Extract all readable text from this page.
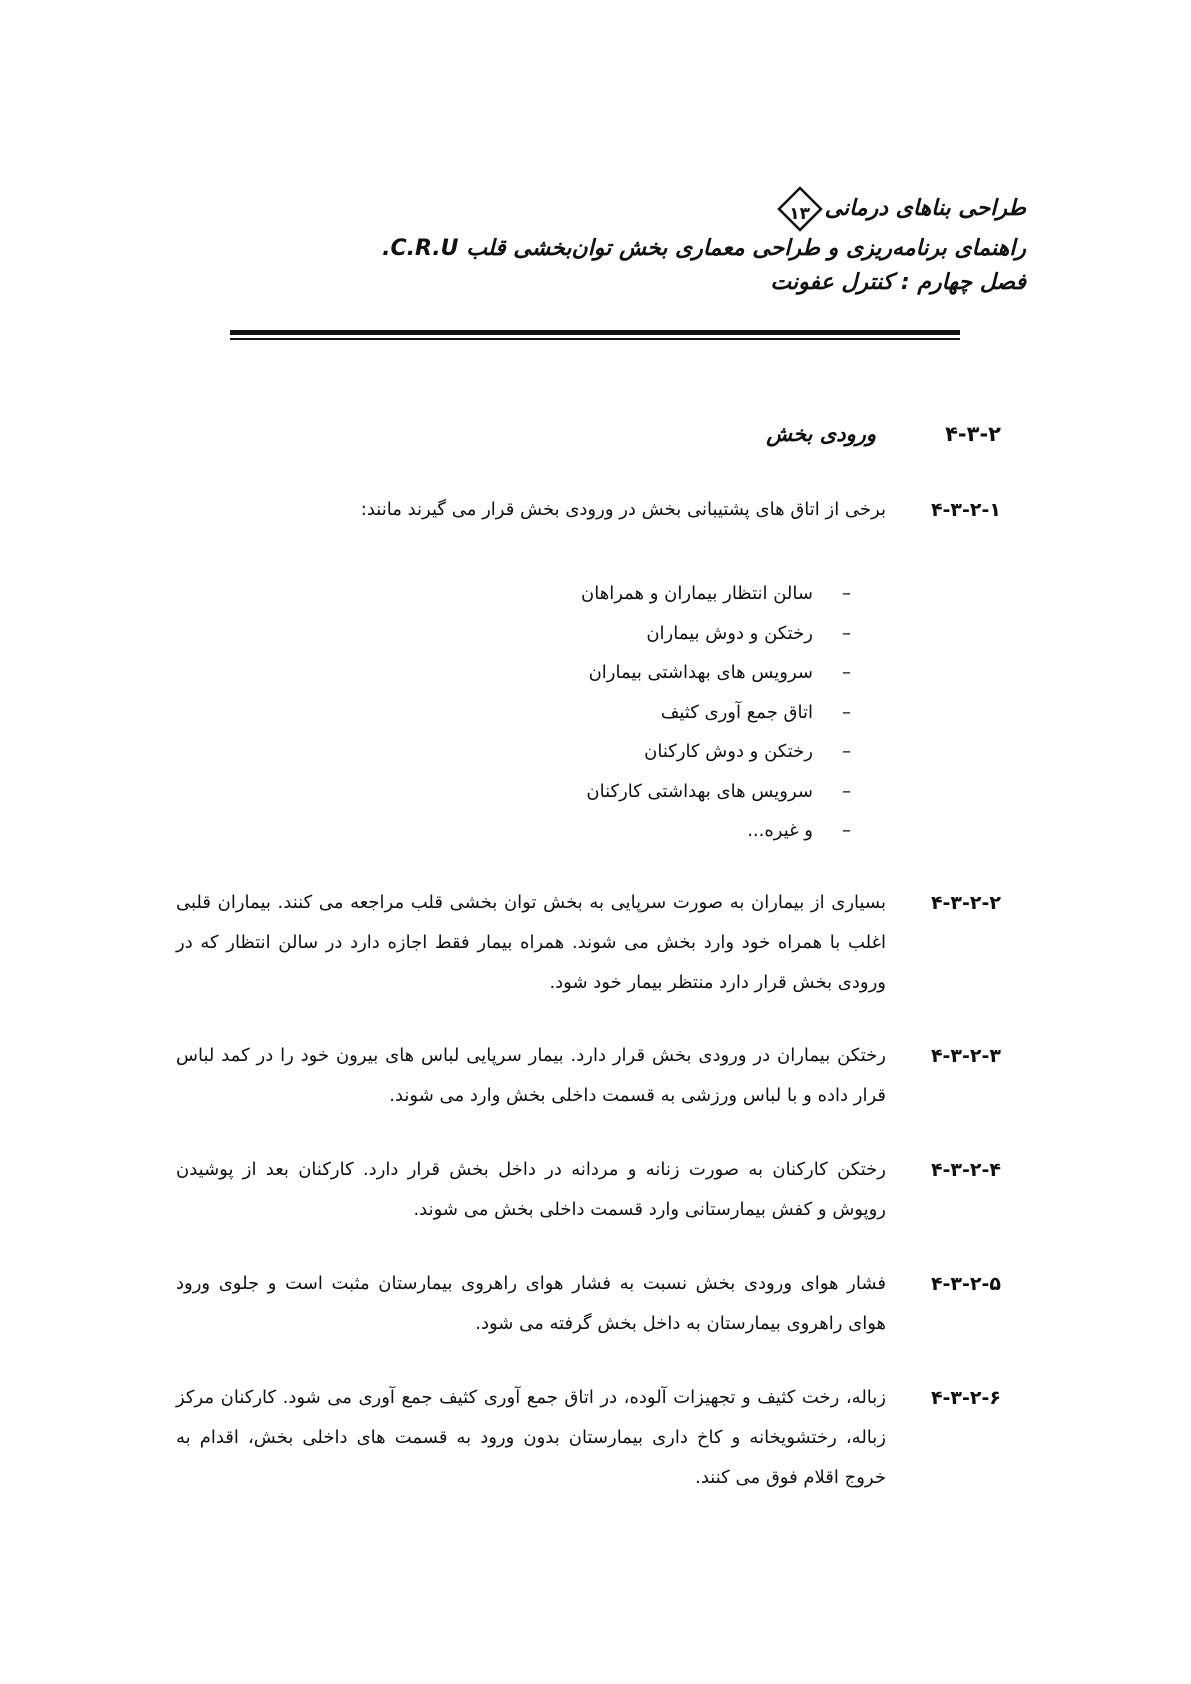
طراحی بناهای درمانی
۱۳
راهنمای برنامه‌ریزی و طراحی معماری بخش توان‌بخشی قلب C.R.U.
فصل چهارم : کنترل عفونت
۴-۳-۲ورودی بخش
۴-۳-۲-۱
برخی از اتاق های پشتیبانی بخش در ورودی بخش قرار می گیرند مانند:
–سالن انتظار بیماران و همراهان
–رختکن و دوش بیماران
–سرویس های بهداشتی بیماران
–اتاق جمع آوری کثیف
–رختکن و دوش کارکنان
–سرویس های بهداشتی کارکنان
–و غیره...
۴-۳-۲-۲
بسیاری از بیماران به صورت سرپایی به بخش توان بخشی قلب مراجعه می کنند. بیماران قلبی اغلب با همراه خود وارد بخش می شوند. همراه بیمار فقط اجازه دارد در سالن انتظار که در ورودی بخش قرار دارد منتظر بیمار خود شود.
۴-۳-۲-۳
رختکن بیماران در ورودی بخش قرار دارد. بیمار سرپایی لباس های بیرون خود را در کمد لباس قرار داده و با لباس ورزشی به قسمت داخلی بخش وارد می شوند.
۴-۳-۲-۴
رختکن کارکنان به صورت زنانه و مردانه در داخل بخش قرار دارد. کارکنان بعد از پوشیدن روپوش و کفش بیمارستانی وارد قسمت داخلی بخش می شوند.
۴-۳-۲-۵
فشار هوای ورودی بخش نسبت به فشار هوای راهروی بیمارستان مثبت است و جلوی ورود هوای راهروی بیمارستان به داخل بخش گرفته می شود.
۴-۳-۲-۶
زباله، رخت کثیف و تجهیزات آلوده، در اتاق جمع آوری کثیف جمع آوری می شود. کارکنان مرکز زباله، رختشویخانه و کاخ داری بیمارستان بدون ورود به قسمت های داخلی بخش، اقدام به خروج اقلام فوق می کنند.
